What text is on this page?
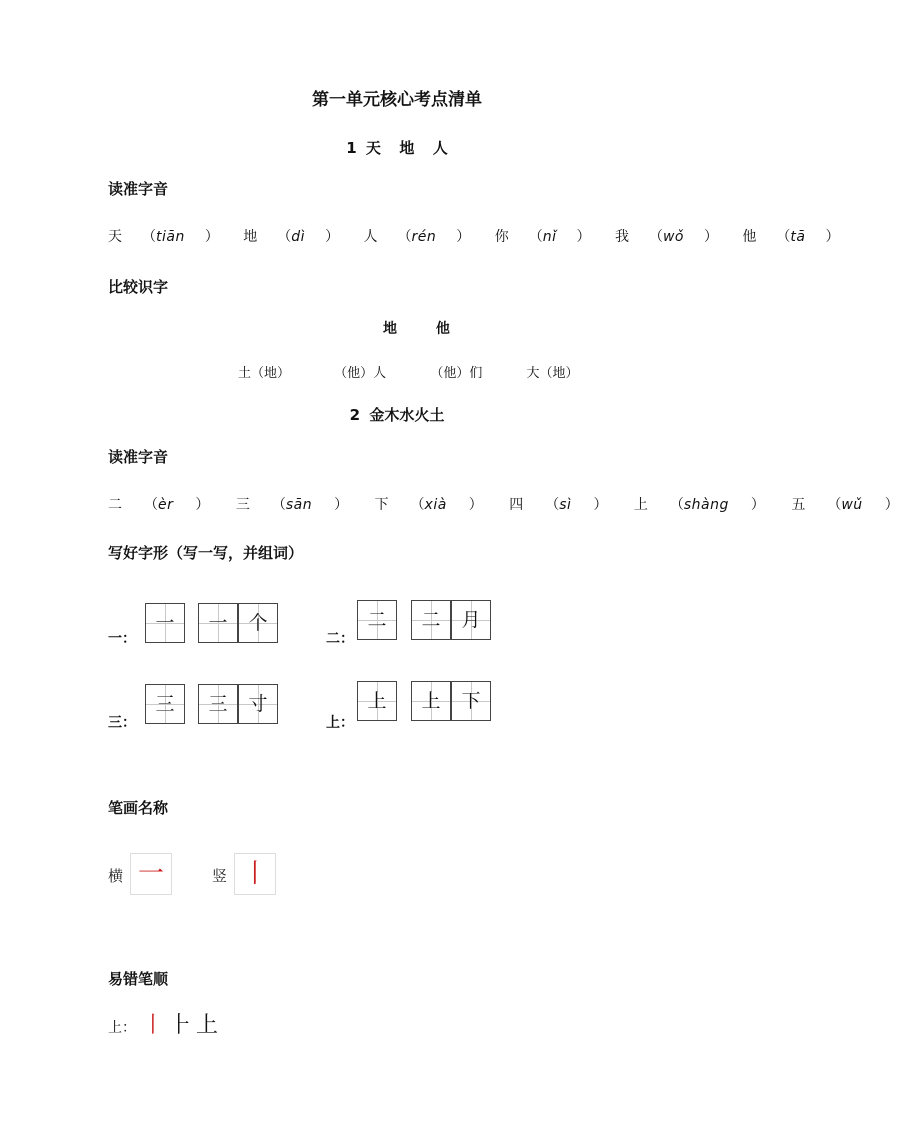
第一单元核心考点清单
1 天  地  人
读准字音
天 （tiān ） 地 （dì ） 人 （rén ） 你 （nǐ ） 我 （wǒ ） 他 （tā ）
比较识字
地	他
土（地）	（他）人	（他）们	大（地）
2 金木水火土
读准字音
二 （èr ） 三 （sān ） 下 （xià ） 四 （sì ） 上 （shàng ） 五 （wǔ ）
写好字形（写一写，并组词）
一：
一	一	个
二：
二	二	月
三：
三	三	寸
上：
上	上	下
笔画名称
横 一	竖 丨
易错笔顺
上： 丨 ⺊ 上
